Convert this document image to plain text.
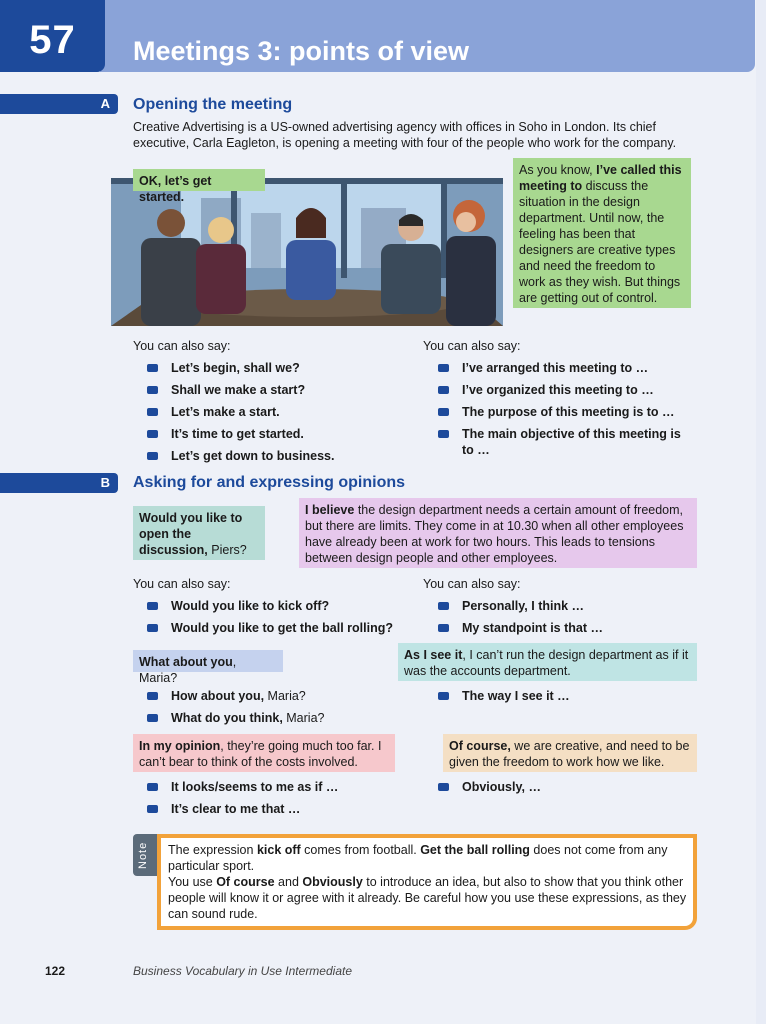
57	Meetings 3: points of view
A Opening the meeting
Creative Advertising is a US-owned advertising agency with offices in Soho in London. Its chief executive, Carla Eagleton, is opening a meeting with four of the people who work for the company.
OK, let’s get started.
As you know, I’ve called this meeting to discuss the situation in the design department. Until now, the feeling has been that designers are creative types and need the freedom to work as they wish. But things are getting out of control.
You can also say:
Let’s begin, shall we?
Shall we make a start?
Let’s make a start.
It’s time to get started.
Let’s get down to business.
You can also say:
I’ve arranged this meeting to …
I’ve organized this meeting to …
The purpose of this meeting is to …
The main objective of this meeting is to …
B Asking for and expressing opinions
Would you like to open the discussion, Piers?
I believe the design department needs a certain amount of freedom, but there are limits. They come in at 10.30 when all other employees have already been at work for two hours. This leads to tensions between design people and other employees.
You can also say:
Would you like to kick off?
Would you like to get the ball rolling?
You can also say:
Personally, I think …
My standpoint is that …
What about you, Maria?
As I see it, I can’t run the design department as if it was the accounts department.
How about you, Maria?
What do you think, Maria?
The way I see it …
In my opinion, they’re going much too far. I can’t bear to think of the costs involved.
Of course, we are creative, and need to be given the freedom to work how we like.
It looks/seems to me as if …
It’s clear to me that …
Obviously, …
Note The expression kick off comes from football. Get the ball rolling does not come from any particular sport.
You use Of course and Obviously to introduce an idea, but also to show that you think other people will know it or agree with it already. Be careful how you use these expressions, as they can sound rude.
122	Business Vocabulary in Use Intermediate
